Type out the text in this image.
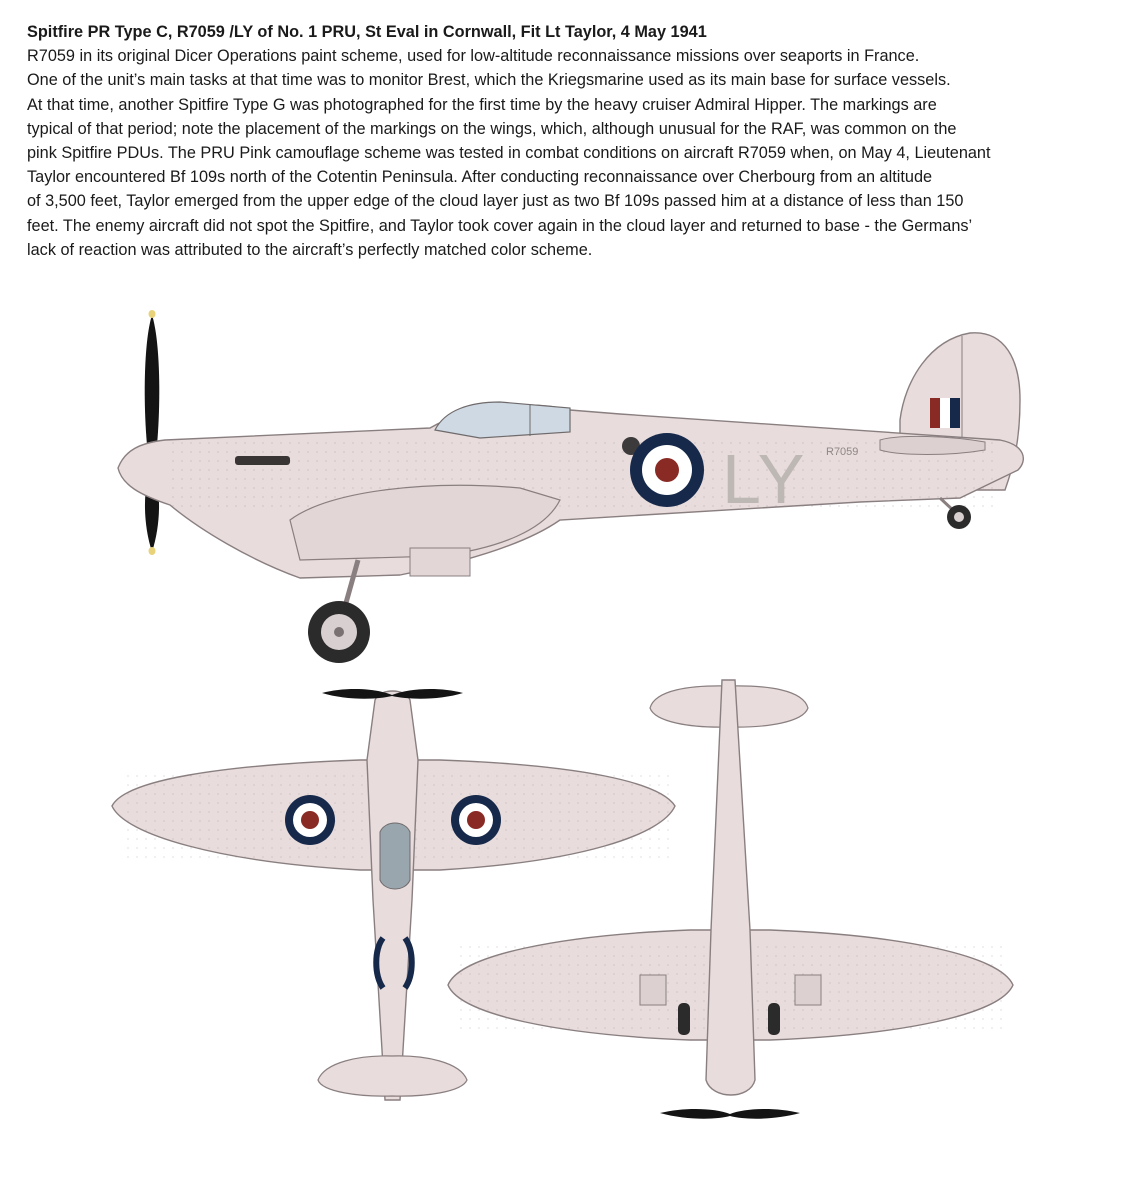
Spitfire PR Type C, R7059 /LY of No. 1 PRU, St Eval in Cornwall, Fit Lt Taylor, 4 May 1941
R7059 in its original Dicer Operations paint scheme, used for low-altitude reconnaissance missions over seaports in France.
One of the unit’s main tasks at that time was to monitor Brest, which the Kriegsmarine used as its main base for surface vessels.
At that time, another Spitfire Type G was photographed for the first time by the heavy cruiser Admiral Hipper. The markings are
typical of that period; note the placement of the markings on the wings, which, although unusual for the RAF, was common on the
pink Spitfire PDUs. The PRU Pink camouflage scheme was tested in combat conditions on aircraft R7059 when, on May 4, Lieutenant
Taylor encountered Bf 109s north of the Cotentin Peninsula. After conducting reconnaissance over Cherbourg from an altitude
of 3,500 feet, Taylor emerged from the upper edge of the cloud layer just as two Bf 109s passed him at a distance of less than 150
feet. The enemy aircraft did not spot the Spitfire, and Taylor took cover again in the cloud layer and returned to base - the Germans’
lack of reaction was attributed to the aircraft’s perfectly matched color scheme.
LY R7059
